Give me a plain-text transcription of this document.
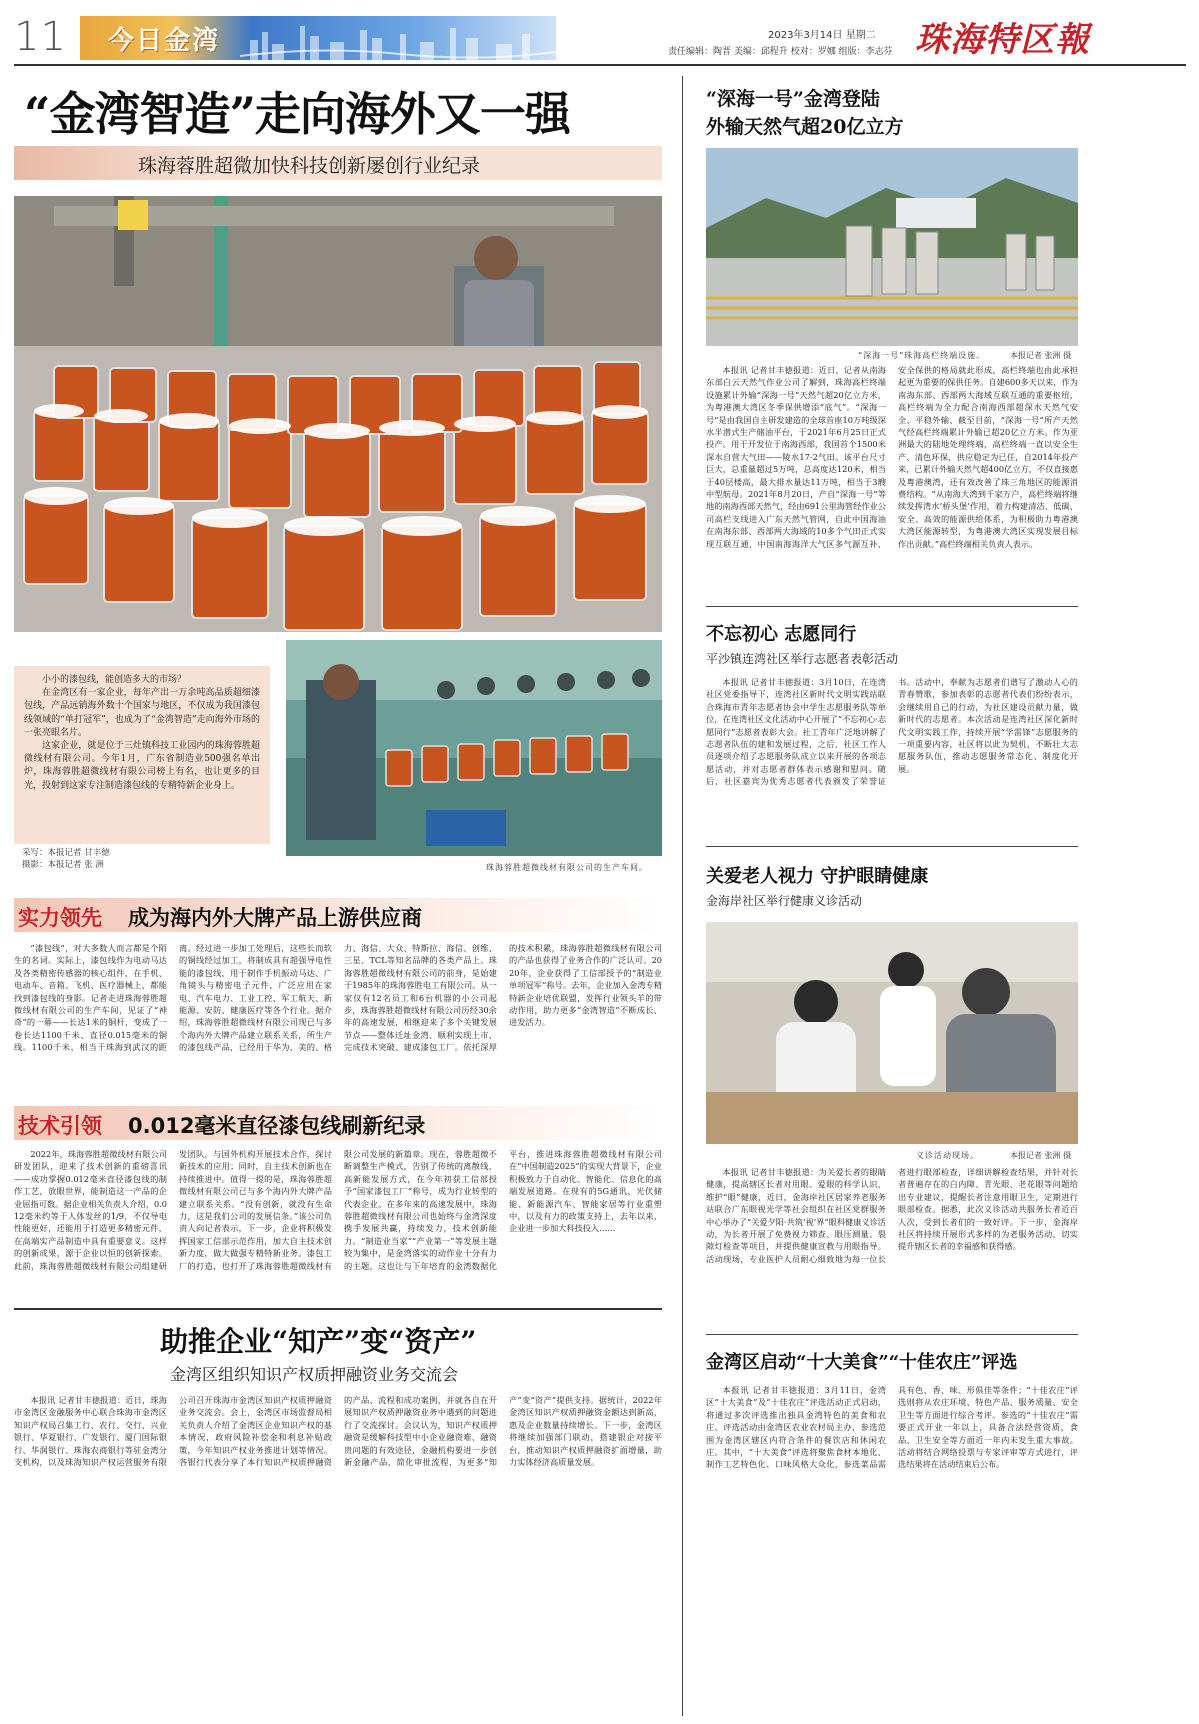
11 今日金湾	2023年3月14日 星期二
责任编辑：陶晋 美编：邱程升 校对：罗娜 组版：李志芬 珠海特区報
“金湾智造”走向海外又一强
珠海蓉胜超微加快科技创新屡创行业纪录

小小的漆包线，能创造多大的市场？

在金湾区有一家企业，每年产出一万余吨高品质超细漆包线，产品远销海外数十个国家与地区，不仅成为我国漆包线领域的“单打冠军”，也成为了“金湾智造”走向海外市场的一张亮眼名片。

这家企业，就是位于三灶镇科技工业园内的珠海蓉胜超微线材有限公司。今年1月，广东省制造业500强名单出炉，珠海蓉胜超微线材有限公司榜上有名，也让更多的目光，投射到这家专注制造漆包线的专精特新企业身上。

采写：本报记者 甘丰徳
摄影：本报记者 张 洲	珠海蓉胜超微线材有限公司的生产车间。
实力领先 成为海内外大牌产品上游供应商

“漆包线”，对大多数人而言都是个陌生的名词。实际上，漆包线作为电动马达及各类精密传感器的核心组件，在手机、电动车、音箱、飞机、医疗器械上，都能找到漆包线的身影。记者走进珠海蓉胜超微线材有限公司的生产车间，见证了“神奇”的一幕——长达1米的铜杆，变成了一卷长达1100千米、直径0.015毫米的铜线。1100千米，相当于珠海到武汉的距离。经过进一步加工处理后，这些长而软的铜线经过加工，将制成具有超强导电性能的漆包线，用于制作手机振动马达、广角镜头与精密电子元件，广泛应用在家电、汽车电力、工业工控、军工航天、新能源、安防、健康医疗等各个行业。据介绍，珠海蓉胜超微线材有限公司现已与多个海内外大牌产品建立联系关系，所生产的漆包线产品，已经用于华为、美的、格力、海信、大众、特斯拉、海信、创维、三星、TCL等知名品牌的各类产品上。珠海蓉胜超微线材有限公司的前身，是始建于1985年的珠海蓉胜电工有限公司。从一家仅有12名员工和6台机器的小公司起步，珠海蓉胜超微线材有限公司历经30余年的高速发展，相继迎来了多个关键发展节点——整体迁址金湾、顺利实现上市、完成技术突破、建成漆包工厂。依托深厚的技术积累，珠海蓉胜超微线材有限公司的产品也获得了业务合作的广泛认可。2020年，企业获得了工信部授予的“制造业单项冠军”称号。去年，企业加入金湾专精特新企业培优联盟，发挥行业领头羊的带动作用，助力更多“金湾智造”不断成长、进发活力。

技术引领 0.012毫米直径漆包线刷新纪录

2022年，珠海蓉胜超微线材有限公司研发团队，迎来了技术创新的重磅喜讯——成功掌握0.012毫米直径漆包线的制作工艺，放眼世界，能制造这一产品的企业屈指可数。据企业相关负责人介绍，0.012毫米约等于人体发丝的1/9，不仅导电性能更好，还能用于打造更多精密元件，在高端实产品制造中具有重要意义。这样的创新成果，源于企业以恒的创新探索。此前，珠海蓉胜超微线材有限公司组建研发团队，与国外机构开展技术合作，探讨新技术的应用；同时，自主技术创新也在持续推进中。值得一提的是，珠海蓉胜超微线材有限公司已与多个海内外大牌产品建立联系关系。“没有创新，就没有生命力，这是我们公司的发展信条。”该公司负责人向记者表示，下一步，企业将积极发挥国家工信部示范作用，加大自主技术创新力度，做大做强专精特新业务。漆包工厂的打造，也打开了珠海蓉胜超微线材有限公司发展的新篇章。现在，蓉胜超微不断调整生产模式，告别了传统的离散线，高新能发展方式，在今年初获工信部授予“国家漆包工厂”称号，成为行业转型的代表企业。在多年来的高速发展中，珠海蓉胜超微线材有限公司也始终与金湾深度携手发展共赢，持续发力，技术创新能力。“制造业当家”“产业第一”等发展主题较为集中，是金湾落实的动作业十分有力的主题。这也让与下年培育的金湾数据化平台，推进珠海蓉胜超微线材有限公司在“中国制造2025”的实现大背景下，企业积极致力于自动化、智能化、信息化的高端发展道路。在现有的5G通讯、光伏储能、新能源汽车、智能家居等行业重塑中，以及有力的政策支持上，去年以来，企业进一步加大科技投入……

助推企业“知产”变“资产”
金湾区组织知识产权质押融资业务交流会

本报讯 记者甘丰徳报道：近日，珠海市金湾区金融服务中心联合珠海市金湾区知识产权局召集工行、农行、交行、兴业银行、华夏银行、广发银行、厦门国际银行、华润银行、珠海农商银行等驻金湾分支机构，以及珠海知识产权运营服务有限公司召开珠海市金湾区知识产权质押融资业务交流会。会上，金湾区市场监督局相关负责人介绍了金湾区企业知识产权的基本情况，政府风险补偿金和利息补贴政策，今年知识产权业务推进计划等情况。各银行代表分享了本行知识产权质押融资的产品、流程和成功案例，并就各自在开展知识产权质押融资业务中遇到的问题进行了交流探讨。会议认为，知识产权质押融资是缓解科技型中小企业融资难、融资贵问题的有效途径，金融机构要进一步创新金融产品，简化审批流程，为更多“知产”变“资产”提供支持。据统计，2022年金湾区知识产权质押融资金额达到新高，惠及企业数量持续增长。下一步，金湾区将继续加强部门联动，搭建银企对接平台，推动知识产权质押融资扩面增量，助力实体经济高质量发展。

“深海一号”金湾登陆
外输天然气超20亿立方
“深海一号”珠海高栏终端设施。	本报记者 张洲 摄

本报讯 记者甘丰徳报道：近日，记者从南海东部白云天然气作业公司了解到，珠海高栏终端设施累计外输“深海一号”天然气超20亿立方米，为粤港澳大湾区冬季保供增添“底气”。“深海一号”是由我国自主研发建造的全球首座10万吨级深水半潜式生产储油平台，于2021年6月25日正式投产。用于开发位于南海西部，我国首个1500米深水自营大气田——陵水17-2气田。该平台尺寸巨大，总重量超过5万吨，总高度达120米，相当于40层楼高，最大排水量达11万吨，相当于3艘中型航母。2021年8月20日，产自“深海一号”等地的南海西部天然气，经由691公里海管经作业公司高栏支线进入广东天然气管网，自此中国海油在南海东部、西部两大海域的10多个气田正式实现互联互通，中国南海海洋大气区多气源互补、安全保供的格局就此形成，高栏终端也由此承担起更为重要的保供任务。自建600多天以来，作为南海东部、西部两大海域互联互通的重要枢纽，高栏终端为全力配合南海西部超深水天然气安全、平稳外输、截至目前，“深海一号”所产天然气经高栏终端累计外输已超20亿立方米。作为亚洲最大的陆地处理终端，高栏终端一直以安全生产、清色环保，供应稳定为已任，自2014年投产来，已累计外输天然气超400亿立方，不仅直接惠及粤港澳湾，还有效改善了珠三角地区的能源消费结构。“从南海大湾到千家万户，高栏终端将继续发挥湾水‘桥头堡’作用，着力构建清洁、低碳、安全、高效的能源供给体系，为积极助力粤港澳大湾区能源转型，为粤港澳大湾区实现发展目标作出贡献。”高栏终端相关负责人表示。

不忘初心 志愿同行
平沙镇连湾社区举行志愿者表彰活动

本报讯 记者甘丰徳报道：3月10日，在连湾社区党委指导下，连湾社区新时代文明实践站联合珠海市青年志愿者协会中学生志愿服务队等单位，在连湾社区文化活动中心开展了“不忘初心·志愿同行”志愿者表彰大会。社工青年广泛地讲解了志愿者队伍的建和发展过程，之后，社区工作人员逐项介绍了志愿服务队成立以来开展的各项志愿活动，并对志愿者群体表示感谢和慰问。随后，社区嘉宾为优秀志愿者代表颁发了荣誉证书。活动中，奉献为志愿者们谱写了激动人心的青春赞歌，参加表彰的志愿者代表们纷纷表示，会继续用自己的行动，为社区建设贡献力量，做新时代的志愿者。本次活动是连湾社区深化新时代文明实践工作，持续开展“学雷锋”志愿服务的一项重要内容，社区将以此为契机，不断壮大志愿服务队伍，推动志愿服务常态化、制度化开展。

关爱老人视力 守护眼睛健康
金海岸社区举行健康义诊活动
义诊活动现场。	本报记者 张洲 摄

本报讯 记者甘丰徳报道：为关爱长者的眼睛健康，提高辖区长者对用眼、爱眼的科学认识，维护“眼”健康，近日，金海岸社区居家养老服务站联合广东眼视光学等社会组织在社区党群服务中心举办了“关爱夕阳·共筑‘视’界”眼科健康义诊活动，为长者开展了免费视力筛查、眼压测量、裂隙灯检查等项目，并提供健康宣教与用眼指导。活动现场，专业医护人员耐心细致地为每一位长者进行眼部检查，详细讲解检查结果，并针对长者普遍存在的白内障、青光眼、老花眼等问题给出专业建议，提醒长者注意用眼卫生，定期进行眼部检查。据悉，此次义诊活动共服务长者近百人次，受到长者们的一致好评。下一步，金海岸社区将持续开展形式多样的为老服务活动，切实提升辖区长者的幸福感和获得感。

金湾区启动“十大美食”“十佳农庄”评选

本报讯 记者甘丰徳报道：3月11日，金湾区“十大美食”及“十佳农庄”评选活动正式启动，将通过多次评选推出独具金湾特色的美食和农庄。评选活动由金湾区农业农村局主办，参选范围为金湾区辖区内符合条件的餐饮店和休闲农庄。其中，“十大美食”评选将聚焦食材本地化、制作工艺特色化、口味风格大众化，参选菜品需具有色、香、味、形俱佳等条件；“十佳农庄”评选则将从农庄环境、特色产品、服务质量、安全卫生等方面进行综合考评。参选的“十佳农庄”需要正式开业一年以上，具备合法经营资质，食品、卫生安全等方面近一年内未发生重大事故。活动将结合网络投票与专家评审等方式进行，评选结果将在活动结束后公布。
